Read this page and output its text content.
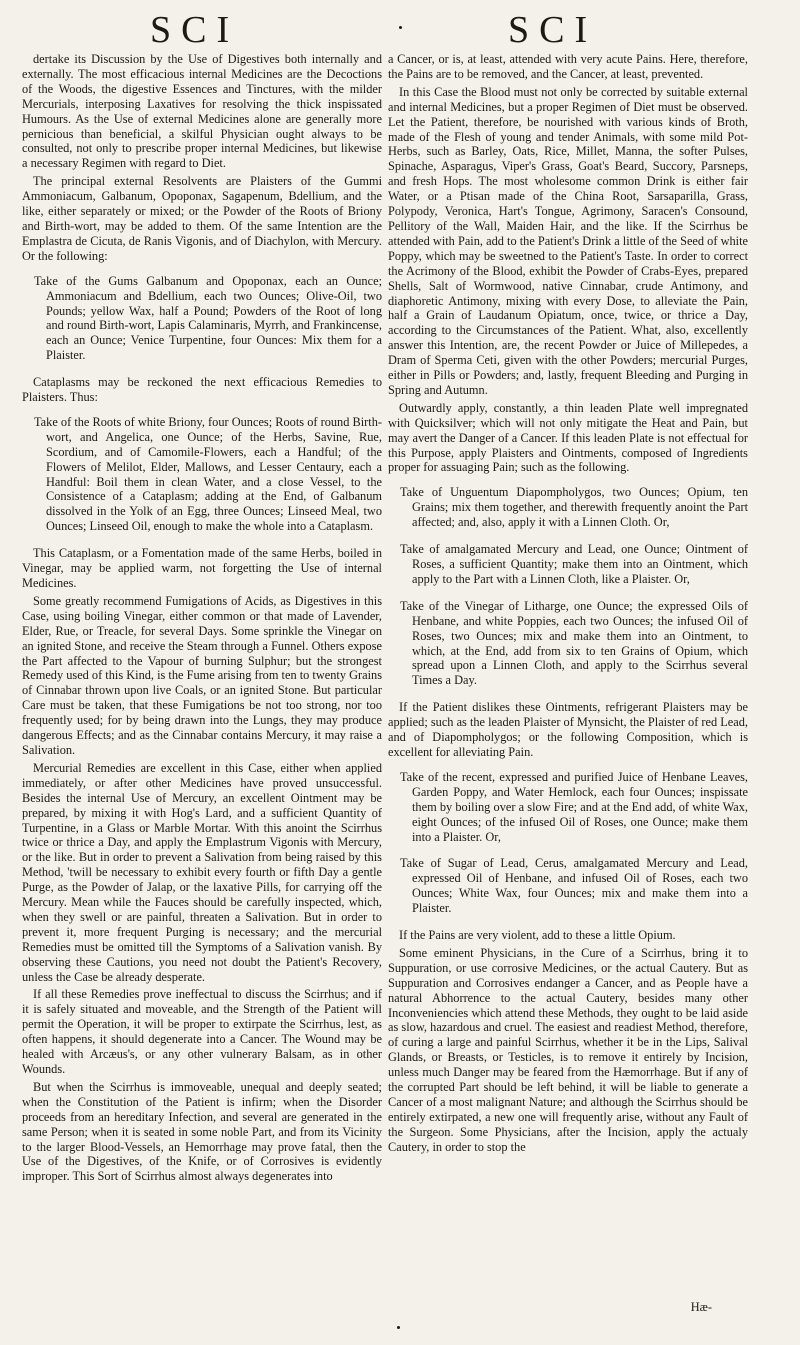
SCI	SCI

dertake its Discussion by the Use of Digestives both internally and externally. The most efficacious internal Medicines are the Decoctions of the Woods, the digestive Essences and Tinctures, with the milder Mercurials, interposing Laxatives for resolving the thick inspissated Humours. As the Use of external Medicines alone are generally more pernicious than beneficial, a skilful Physician ought always to be consulted, not only to prescribe proper internal Medicines, but likewise a necessary Regimen with regard to Diet.

The principal external Resolvents are Plaisters of the Gummi Ammoniacum, Galbanum, Opoponax, Sagapenum, Bdellium, and the like, either separately or mixed; or the Powder of the Roots of Briony and Birth-wort, may be added to them. Of the same Intention are the Emplastra de Cicuta, de Ranis Vigonis, and of Diachylon, with Mercury. Or the following:

Take of the Gums Galbanum and Opoponax, each an Ounce; Ammoniacum and Bdellium, each two Ounces; Olive-Oil, two Pounds; yellow Wax, half a Pound; Powders of the Root of long and round Birth-wort, Lapis Calaminaris, Myrrh, and Frankincense, each an Ounce; Venice Turpentine, four Ounces: Mix them for a Plaister.

Cataplasms may be reckoned the next efficacious Remedies to Plaisters. Thus:

Take of the Roots of white Briony, four Ounces; Roots of round Birth-wort, and Angelica, one Ounce; of the Herbs, Savine, Rue, Scordium, and of Camomile-Flowers, each a Handful; of the Flowers of Melilot, Elder, Mallows, and Lesser Centaury, each a Handful: Boil them in clean Water, and a close Vessel, to the Consistence of a Cataplasm; adding at the End, of Galbanum dissolved in the Yolk of an Egg, three Ounces; Linseed Meal, two Ounces; Linseed Oil, enough to make the whole into a Cataplasm.

This Cataplasm, or a Fomentation made of the same Herbs, boiled in Vinegar, may be applied warm, not forgetting the Use of internal Medicines.

Some greatly recommend Fumigations of Acids, as Digestives in this Case, using boiling Vinegar, either common or that made of Lavender, Elder, Rue, or Treacle, for several Days. Some sprinkle the Vinegar on an ignited Stone, and receive the Steam through a Funnel. Others expose the Part affected to the Vapour of burning Sulphur; but the strongest Remedy used of this Kind, is the Fume arising from ten to twenty Grains of Cinnabar thrown upon live Coals, or an ignited Stone. But particular Care must be taken, that these Fumigations be not too strong, nor too frequently used; for by being drawn into the Lungs, they may produce dangerous Effects; and as the Cinnabar contains Mercury, it may raise a Salivation.

Mercurial Remedies are excellent in this Case, either when applied immediately, or after other Medicines have proved unsuccessful. Besides the internal Use of Mercury, an excellent Ointment may be prepared, by mixing it with Hog's Lard, and a sufficient Quantity of Turpentine, in a Glass or Marble Mortar. With this anoint the Scirrhus twice or thrice a Day, and apply the Emplastrum Vigonis with Mercury, or the like. But in order to prevent a Salivation from being raised by this Method, 'twill be necessary to exhibit every fourth or fifth Day a gentle Purge, as the Powder of Jalap, or the laxative Pills, for carrying off the Mercury. Mean while the Fauces should be carefully inspected, which, when they swell or are painful, threaten a Salivation. But in order to prevent it, more frequent Purging is necessary; and the mercurial Remedies must be omitted till the Symptoms of a Salivation vanish. By observing these Cautions, you need not doubt the Patient's Recovery, unless the Case be already desperate.

If all these Remedies prove ineffectual to discuss the Scirrhus; and if it is safely situated and moveable, and the Strength of the Patient will permit the Operation, it will be proper to extirpate the Scirrhus, lest, as often happens, it should degenerate into a Cancer. The Wound may be healed with Arcæus's, or any other vulnerary Balsam, as in other Wounds.

But when the Scirrhus is immoveable, unequal and deeply seated; when the Constitution of the Patient is infirm; when the Disorder proceeds from an hereditary Infection, and several are generated in the same Person; when it is seated in some noble Part, and from its Vicinity to the larger Blood-Vessels, an Hemorrhage may prove fatal, then the Use of the Digestives, of the Knife, or of Corrosives is evidently improper. This Sort of Scirrhus almost always degenerates into

a Cancer, or is, at least, attended with very acute Pains. Here, therefore, the Pains are to be removed, and the Cancer, at least, prevented.

In this Case the Blood must not only be corrected by suitable external and internal Medicines, but a proper Regimen of Diet must be observed. Let the Patient, therefore, be nourished with various kinds of Broth, made of the Flesh of young and tender Animals, with some mild Pot-Herbs, such as Barley, Oats, Rice, Millet, Manna, the softer Pulses, Spinache, Asparagus, Viper's Grass, Goat's Beard, Succory, Parsneps, and fresh Hops. The most wholesome common Drink is either fair Water, or a Ptisan made of the China Root, Sarsaparilla, Grass, Polypody, Veronica, Hart's Tongue, Agrimony, Saracen's Consound, Pellitory of the Wall, Maiden Hair, and the like. If the Scirrhus be attended with Pain, add to the Patient's Drink a little of the Seed of white Poppy, which may be sweetned to the Patient's Taste. In order to correct the Acrimony of the Blood, exhibit the Powder of Crabs-Eyes, prepared Shells, Salt of Wormwood, native Cinnabar, crude Antimony, and diaphoretic Antimony, mixing with every Dose, to alleviate the Pain, half a Grain of Laudanum Opiatum, once, twice, or thrice a Day, according to the Circumstances of the Patient. What, also, excellently answer this Intention, are, the recent Powder or Juice of Millepedes, a Dram of Sperma Ceti, given with the other Powders; mercurial Purges, either in Pills or Powders; and, lastly, frequent Bleeding and Purging in Spring and Autumn.

Outwardly apply, constantly, a thin leaden Plate well impregnated with Quicksilver; which will not only mitigate the Heat and Pain, but may avert the Danger of a Cancer. If this leaden Plate is not effectual for this Purpose, apply Plaisters and Ointments, composed of Ingredients proper for assuaging Pain; such as the following.

Take of Unguentum Diapompholygos, two Ounces; Opium, ten Grains; mix them together, and therewith frequently anoint the Part affected; and, also, apply it with a Linnen Cloth. Or,

Take of amalgamated Mercury and Lead, one Ounce; Ointment of Roses, a sufficient Quantity; make them into an Ointment, which apply to the Part with a Linnen Cloth, like a Plaister. Or,

Take of the Vinegar of Litharge, one Ounce; the expressed Oils of Henbane, and white Poppies, each two Ounces; the infused Oil of Roses, two Ounces; mix and make them into an Ointment, to which, at the End, add from six to ten Grains of Opium, which spread upon a Linnen Cloth, and apply to the Scirrhus several Times a Day.

If the Patient dislikes these Ointments, refrigerant Plaisters may be applied; such as the leaden Plaister of Mynsicht, the Plaister of red Lead, and of Diapompholygos; or the following Composition, which is excellent for alleviating Pain.

Take of the recent, expressed and purified Juice of Henbane Leaves, Garden Poppy, and Water Hemlock, each four Ounces; inspissate them by boiling over a slow Fire; and at the End add, of white Wax, eight Ounces; of the infused Oil of Roses, one Ounce; make them into a Plaister. Or,

Take of Sugar of Lead, Cerus, amalgamated Mercury and Lead, expressed Oil of Henbane, and infused Oil of Roses, each two Ounces; White Wax, four Ounces; mix and make them into a Plaister.

If the Pains are very violent, add to these a little Opium.

Some eminent Physicians, in the Cure of a Scirrhus, bring it to Suppuration, or use corrosive Medicines, or the actual Cautery. But as Suppuration and Corrosives endanger a Cancer, and as People have a natural Abhorrence to the actual Cautery, besides many other Inconveniencies which attend these Methods, they ought to be laid aside as slow, hazardous and cruel. The easiest and readiest Method, therefore, of curing a large and painful Scirrhus, whether it be in the Lips, Salival Glands, or Breasts, or Testicles, is to remove it entirely by Incision, unless much Danger may be feared from the Hæmorrhage. But if any of the corrupted Part should be left behind, it will be liable to generate a Cancer of a most malignant Nature; and although the Scirrhus should be entirely extirpated, a new one will frequently arise, without any Fault of the Surgeon. Some Physicians, after the Incision, apply the actualy Cautery, in order to stop the

Hæ-
